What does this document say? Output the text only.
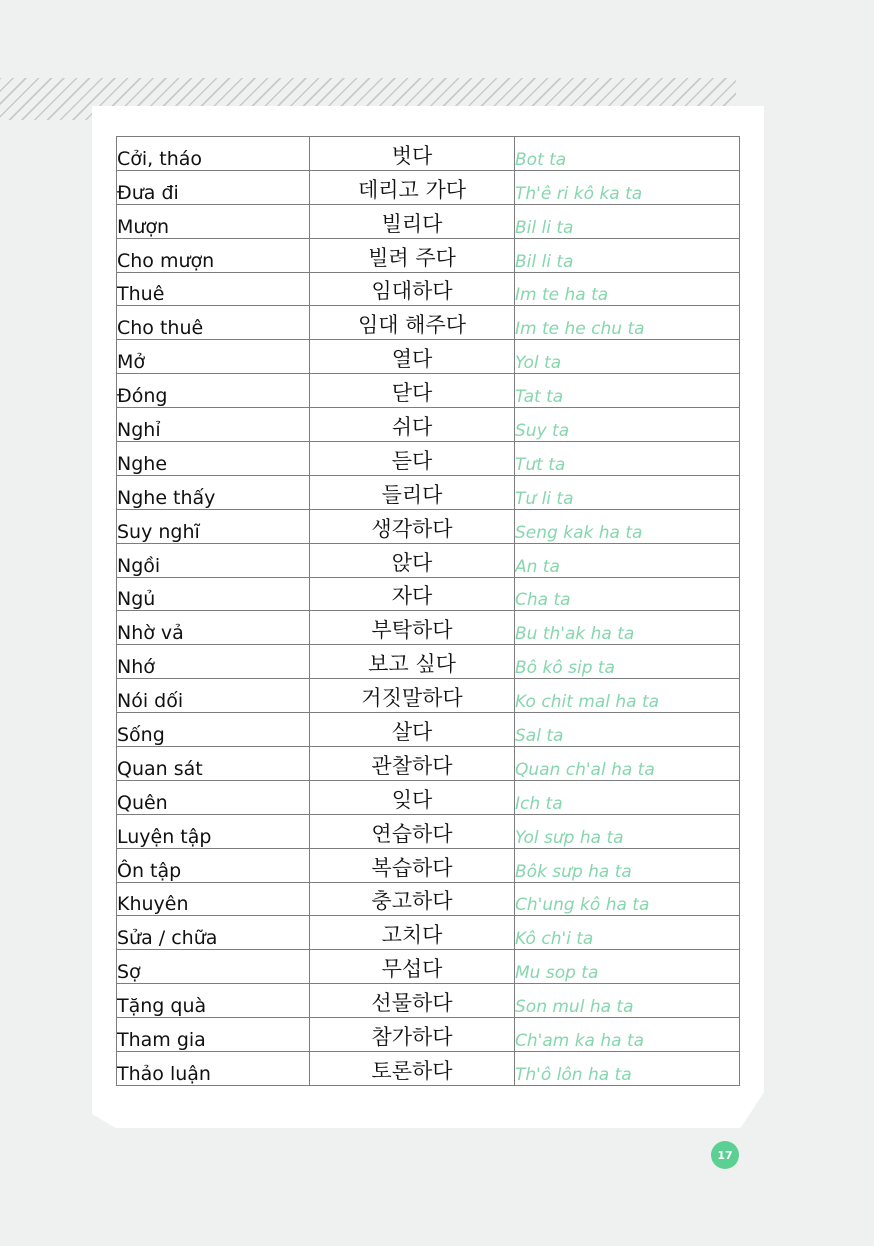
Cởi, tháo	벗다	Bot ta
Đưa đi	데리고 가다	Th'ê ri kô ka ta
Mượn	빌리다	Bil li ta
Cho mượn	빌려 주다	Bil li ta
Thuê	임대하다	Im te ha ta
Cho thuê	임대 해주다	Im te he chu ta
Mở	열다	Yol ta
Đóng	닫다	Tat ta
Nghỉ	쉬다	Suy ta
Nghe	듣다	Tưt ta
Nghe thấy	들리다	Tư li ta
Suy nghĩ	생각하다	Seng kak ha ta
Ngồi	앉다	An ta
Ngủ	자다	Cha ta
Nhờ vả	부탁하다	Bu th'ak ha ta
Nhớ	보고 싶다	Bô kô sip ta
Nói dối	거짓말하다	Ko chit mal ha ta
Sống	살다	Sal ta
Quan sát	관찰하다	Quan ch'al ha ta
Quên	잊다	Ich ta
Luyện tập	연습하다	Yol sưp ha ta
Ôn tập	복습하다	Bôk sưp ha ta
Khuyên	충고하다	Ch'ung kô ha ta
Sửa / chữa	고치다	Kô ch'i ta
Sợ	무섭다	Mu sop ta
Tặng quà	선물하다	Son mul ha ta
Tham gia	참가하다	Ch'am ka ha ta
Thảo luận	토론하다	Th'ô lôn ha ta
17
